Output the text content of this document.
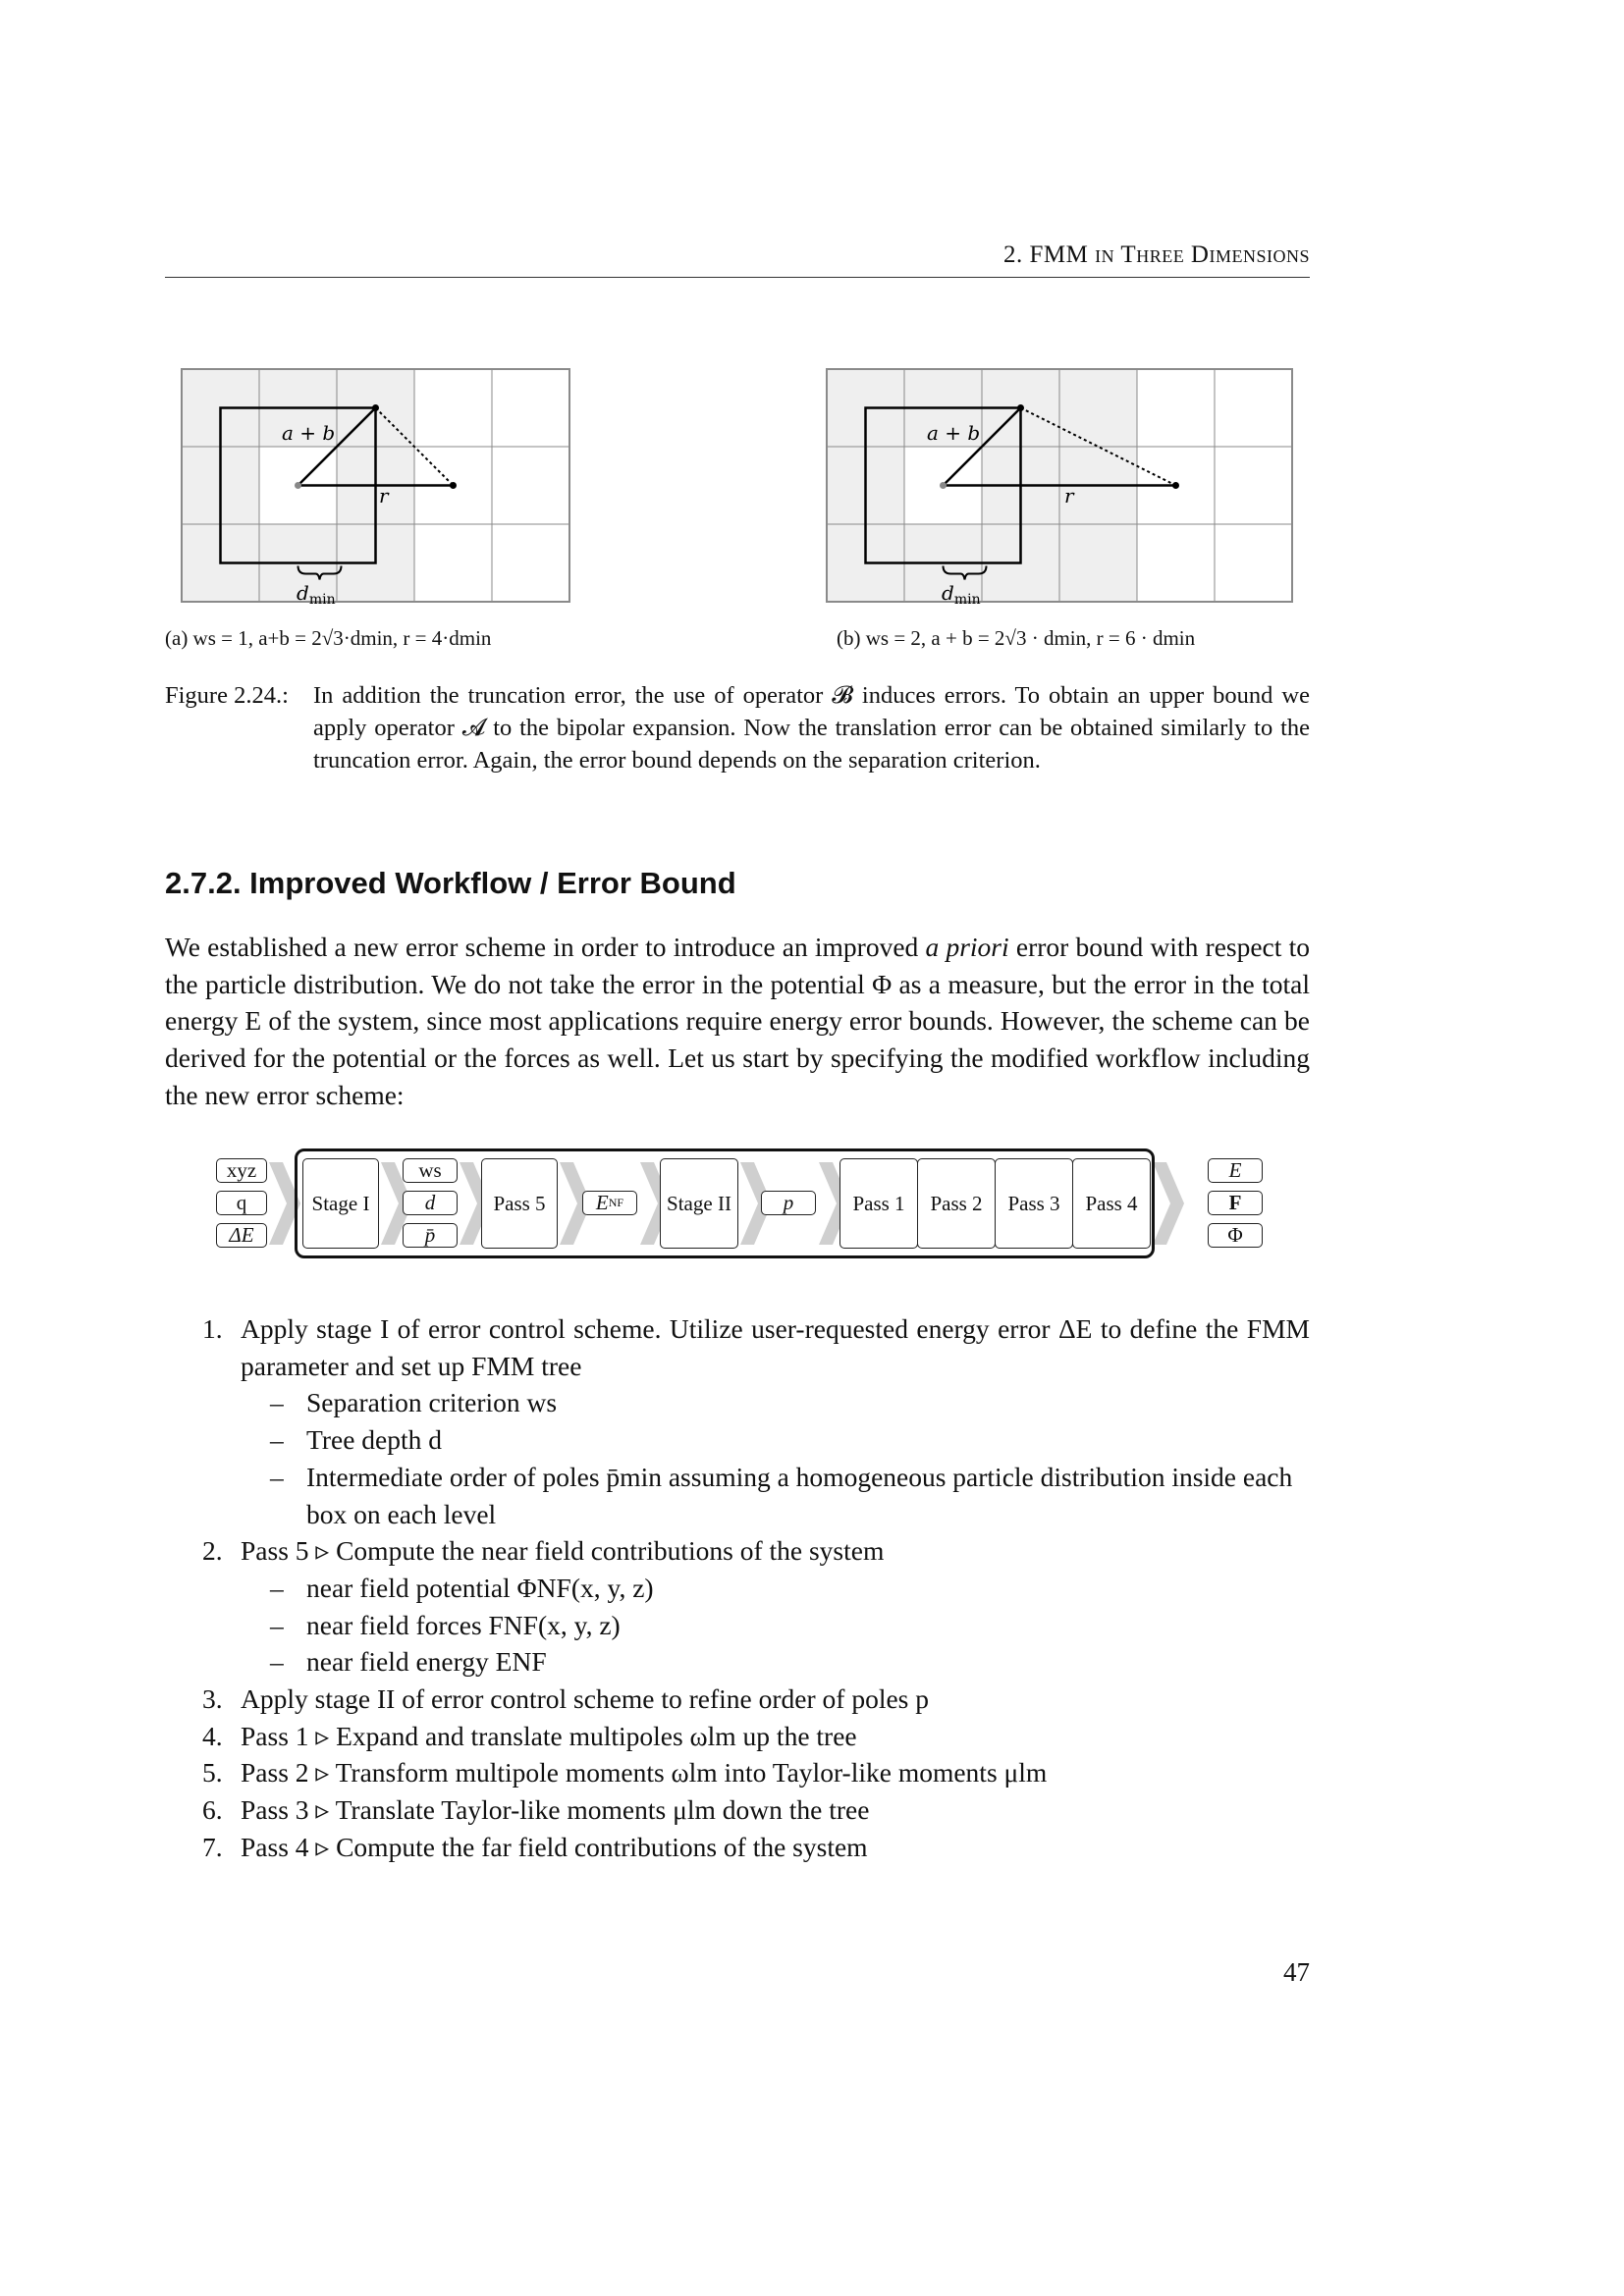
2. FMM in Three Dimensions
a + b
r
$d_{min}$
(a) ws = 1, a+b = 2√3·dmin, r = 4·dmin
a + b
r
$d_{min}$
(b) ws = 2, a + b = 2√3 · dmin, r = 6 · dmin
Figure 2.24.: In addition the truncation error, the use of operator 𝓑 induces errors. To obtain an upper bound we apply operator 𝓐 to the bipolar expansion. Now the translation error can be obtained similarly to the truncation error. Again, the error bound depends on the separation criterion.
2.7.2. Improved Workflow / Error Bound
We established a new error scheme in order to introduce an improved a priori error bound with respect to the particle distribution. We do not take the error in the potential Φ as a measure, but the error in the total energy E of the system, since most applications require energy error bounds. However, the scheme can be derived for the potential or the forces as well. Let us start by specifying the modified workflow including the new error scheme:
xyz
q
ΔE
Stage I
ws
d
p̄
Pass 5	E NF	Stage II	p	Pass 1	Pass 2	Pass 3	Pass 4
E
F
Φ
1. Apply stage I of error control scheme. Utilize user-requested energy error ΔE to define the FMM parameter and set up FMM tree
– Separation criterion ws
– Tree depth d
– Intermediate order of poles p̄min assuming a homogeneous particle distribution inside each box on each level
2. Pass 5 ▹ Compute the near field contributions of the system
– near field potential ΦNF(x, y, z)
– near field forces FNF(x, y, z)
– near field energy ENF
3. Apply stage II of error control scheme to refine order of poles p
4. Pass 1 ▹ Expand and translate multipoles ωlm up the tree
5. Pass 2 ▹ Transform multipole moments ωlm into Taylor-like moments μlm
6. Pass 3 ▹ Translate Taylor-like moments μlm down the tree
7. Pass 4 ▹ Compute the far field contributions of the system
47
